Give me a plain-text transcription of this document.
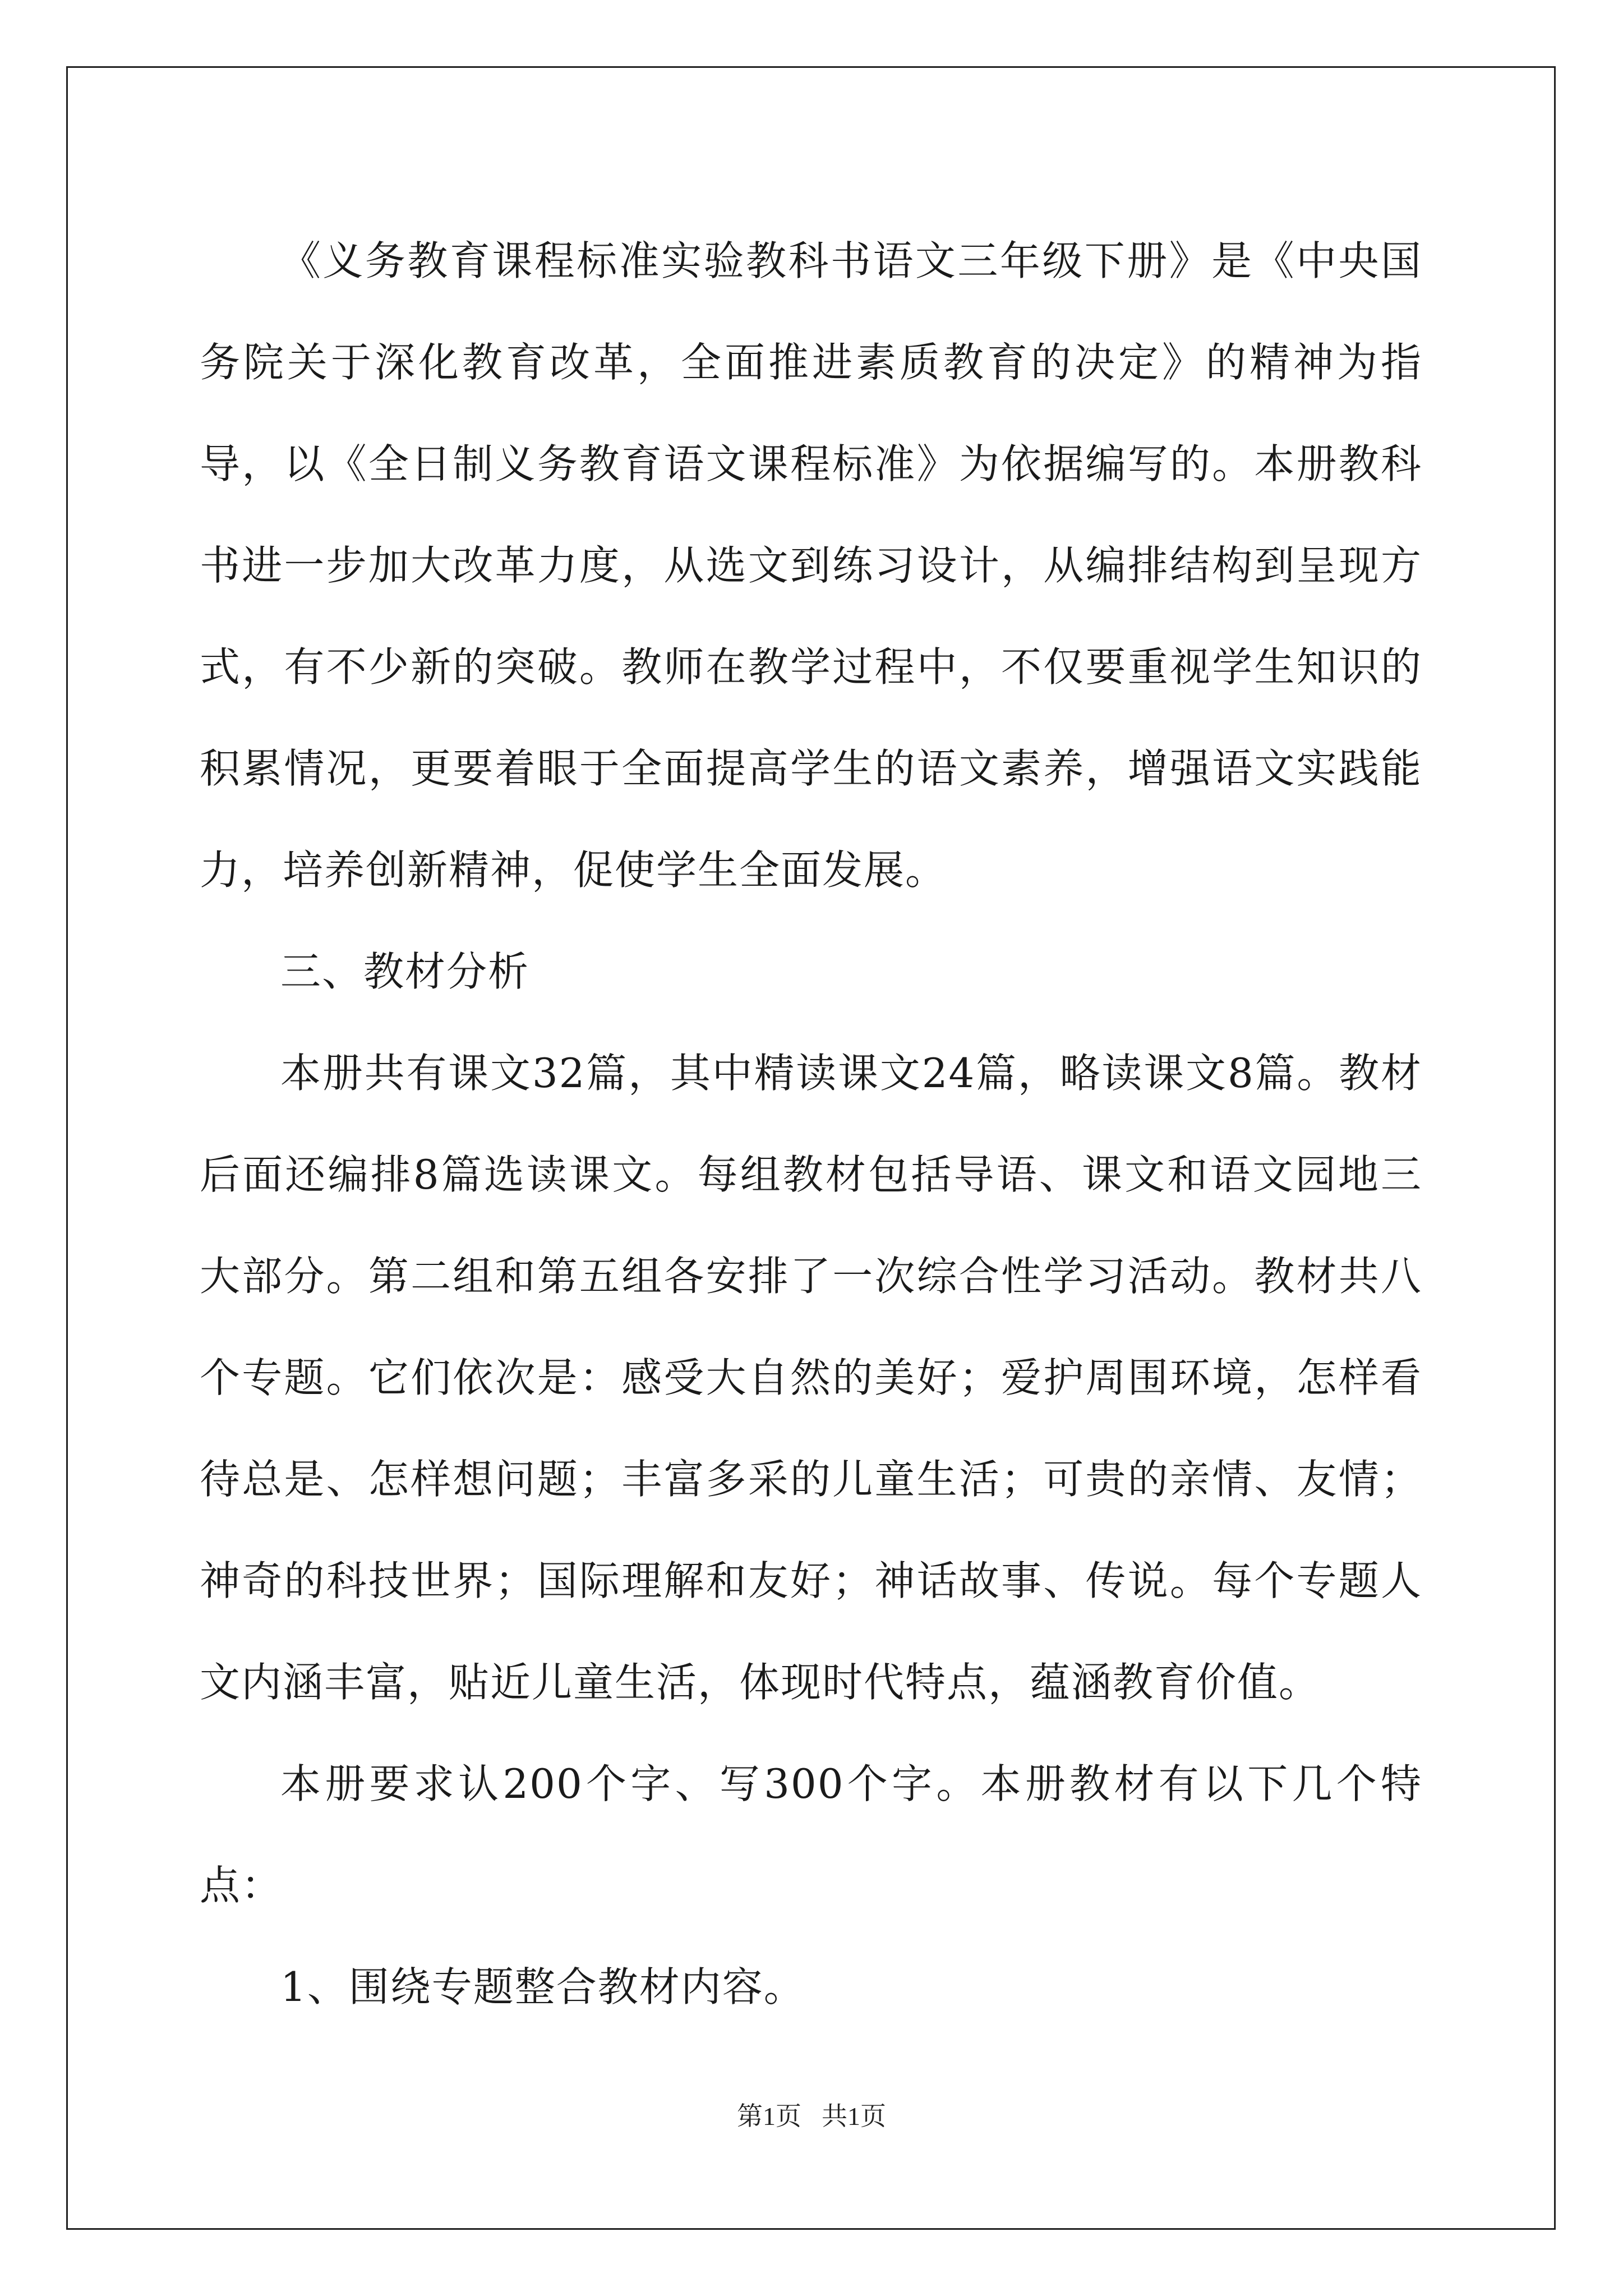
《义务教育课程标准实验教科书语文三年级下册》是《中央国务院关于深化教育改革，全面推进素质教育的决定》的精神为指导，以《全日制义务教育语文课程标准》为依据编写的。本册教科书进一步加大改革力度，从选文到练习设计，从编排结构到呈现方式，有不少新的突破。教师在教学过程中，不仅要重视学生知识的积累情况，更要着眼于全面提高学生的语文素养，增强语文实践能力，培养创新精神，促使学生全面发展。

三、教材分析

本册共有课文32篇，其中精读课文24篇，略读课文8篇。教材后面还编排8篇选读课文。每组教材包括导语、课文和语文园地三大部分。第二组和第五组各安排了一次综合性学习活动。教材共八个专题。它们依次是：感受大自然的美好；爱护周围环境，怎样看待总是、怎样想问题；丰富多采的儿童生活；可贵的亲情、友情；神奇的科技世界；国际理解和友好；神话故事、传说。每个专题人文内涵丰富，贴近儿童生活，体现时代特点，蕴涵教育价值。

本册要求认200个字、写300个字。本册教材有以下几个特点：

1、围绕专题整合教材内容。

第1页 共1页
